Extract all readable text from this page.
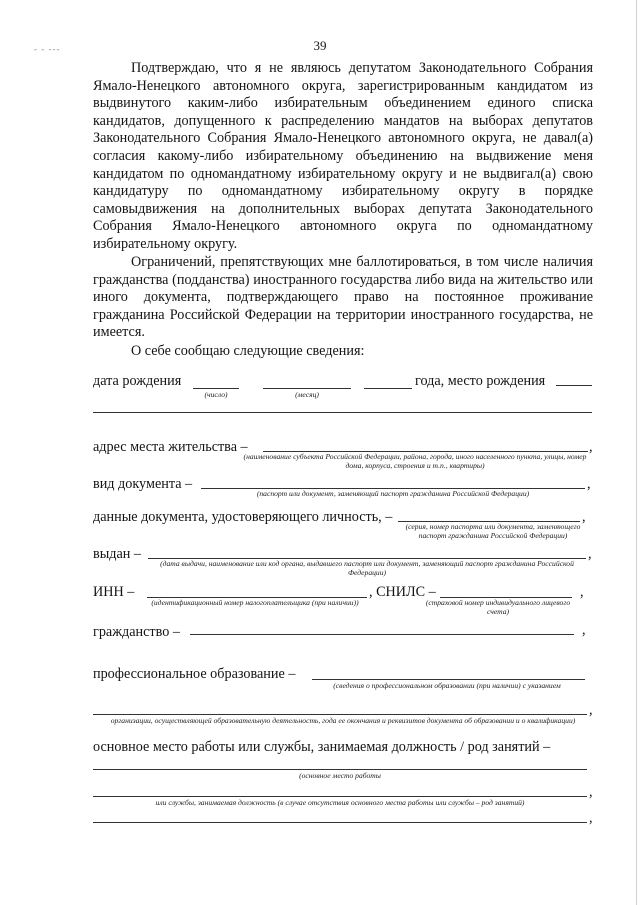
- - ---	39

Подтверждаю, что я не являюсь депутатом Законодательного Собрания Ямало-Ненецкого автономного округа, зарегистрированным кандидатом из выдвинутого каким-либо избирательным объединением единого списка кандидатов, допущенного к распределению мандатов на выборах депутатов Законодательного Собрания Ямало-Ненецкого автономного округа, не давал(а) согласия какому-либо избирательному объединению на выдвижение меня кандидатом по одномандатному избирательному округу и не выдвигал(а) свою кандидатуру по одномандатному избирательному округу в порядке самовыдвижения на дополнительных выборах депутата Законодательного Собрания Ямало-Ненецкого автономного округа по одномандатному избирательному округу.

Ограничений, препятствующих мне баллотироваться, в том числе наличия гражданства (подданства) иностранного государства либо вида на жительство или иного документа, подтверждающего право на постоянное проживание гражданина Российской Федерации на территории иностранного государства, не имеется.

О себе сообщаю следующие сведения:

дата рождения	года, место рождения
(число)	(месяц)
адрес места жительства –	,
(наименование субъекта Российской Федерации, района, города, иного населенного пункта, улицы, номер дома, корпуса, строения и т.п., квартиры)
вид документа –	,
(паспорт или документ, заменяющий паспорт гражданина Российской Федерации)
данные документа, удостоверяющего личность, –	,
(серия, номер паспорта или документа, заменяющего паспорт гражданина Российской Федерации)
выдан –	,
(дата выдачи, наименование или код органа, выдавшего паспорт или документ, заменяющий паспорт гражданина Российской Федерации)
ИНН –
(идентификационный номер налогоплательщика (при наличии))
, СНИЛС –	,
(страховой номер индивидуального лицевого счета)
гражданство –	,
профессиональное образование –
(сведения о профессиональном образовании (при наличии) с указанием
,
организации, осуществляющей образовательную деятельность, года ее окончания и реквизитов документа об образовании и о квалификации)
основное место работы или службы, занимаемая должность / род занятий –
(основное место работы
,
или службы, занимаемая должность (в случае отсутствия основного места работы или службы – род занятий)
,
